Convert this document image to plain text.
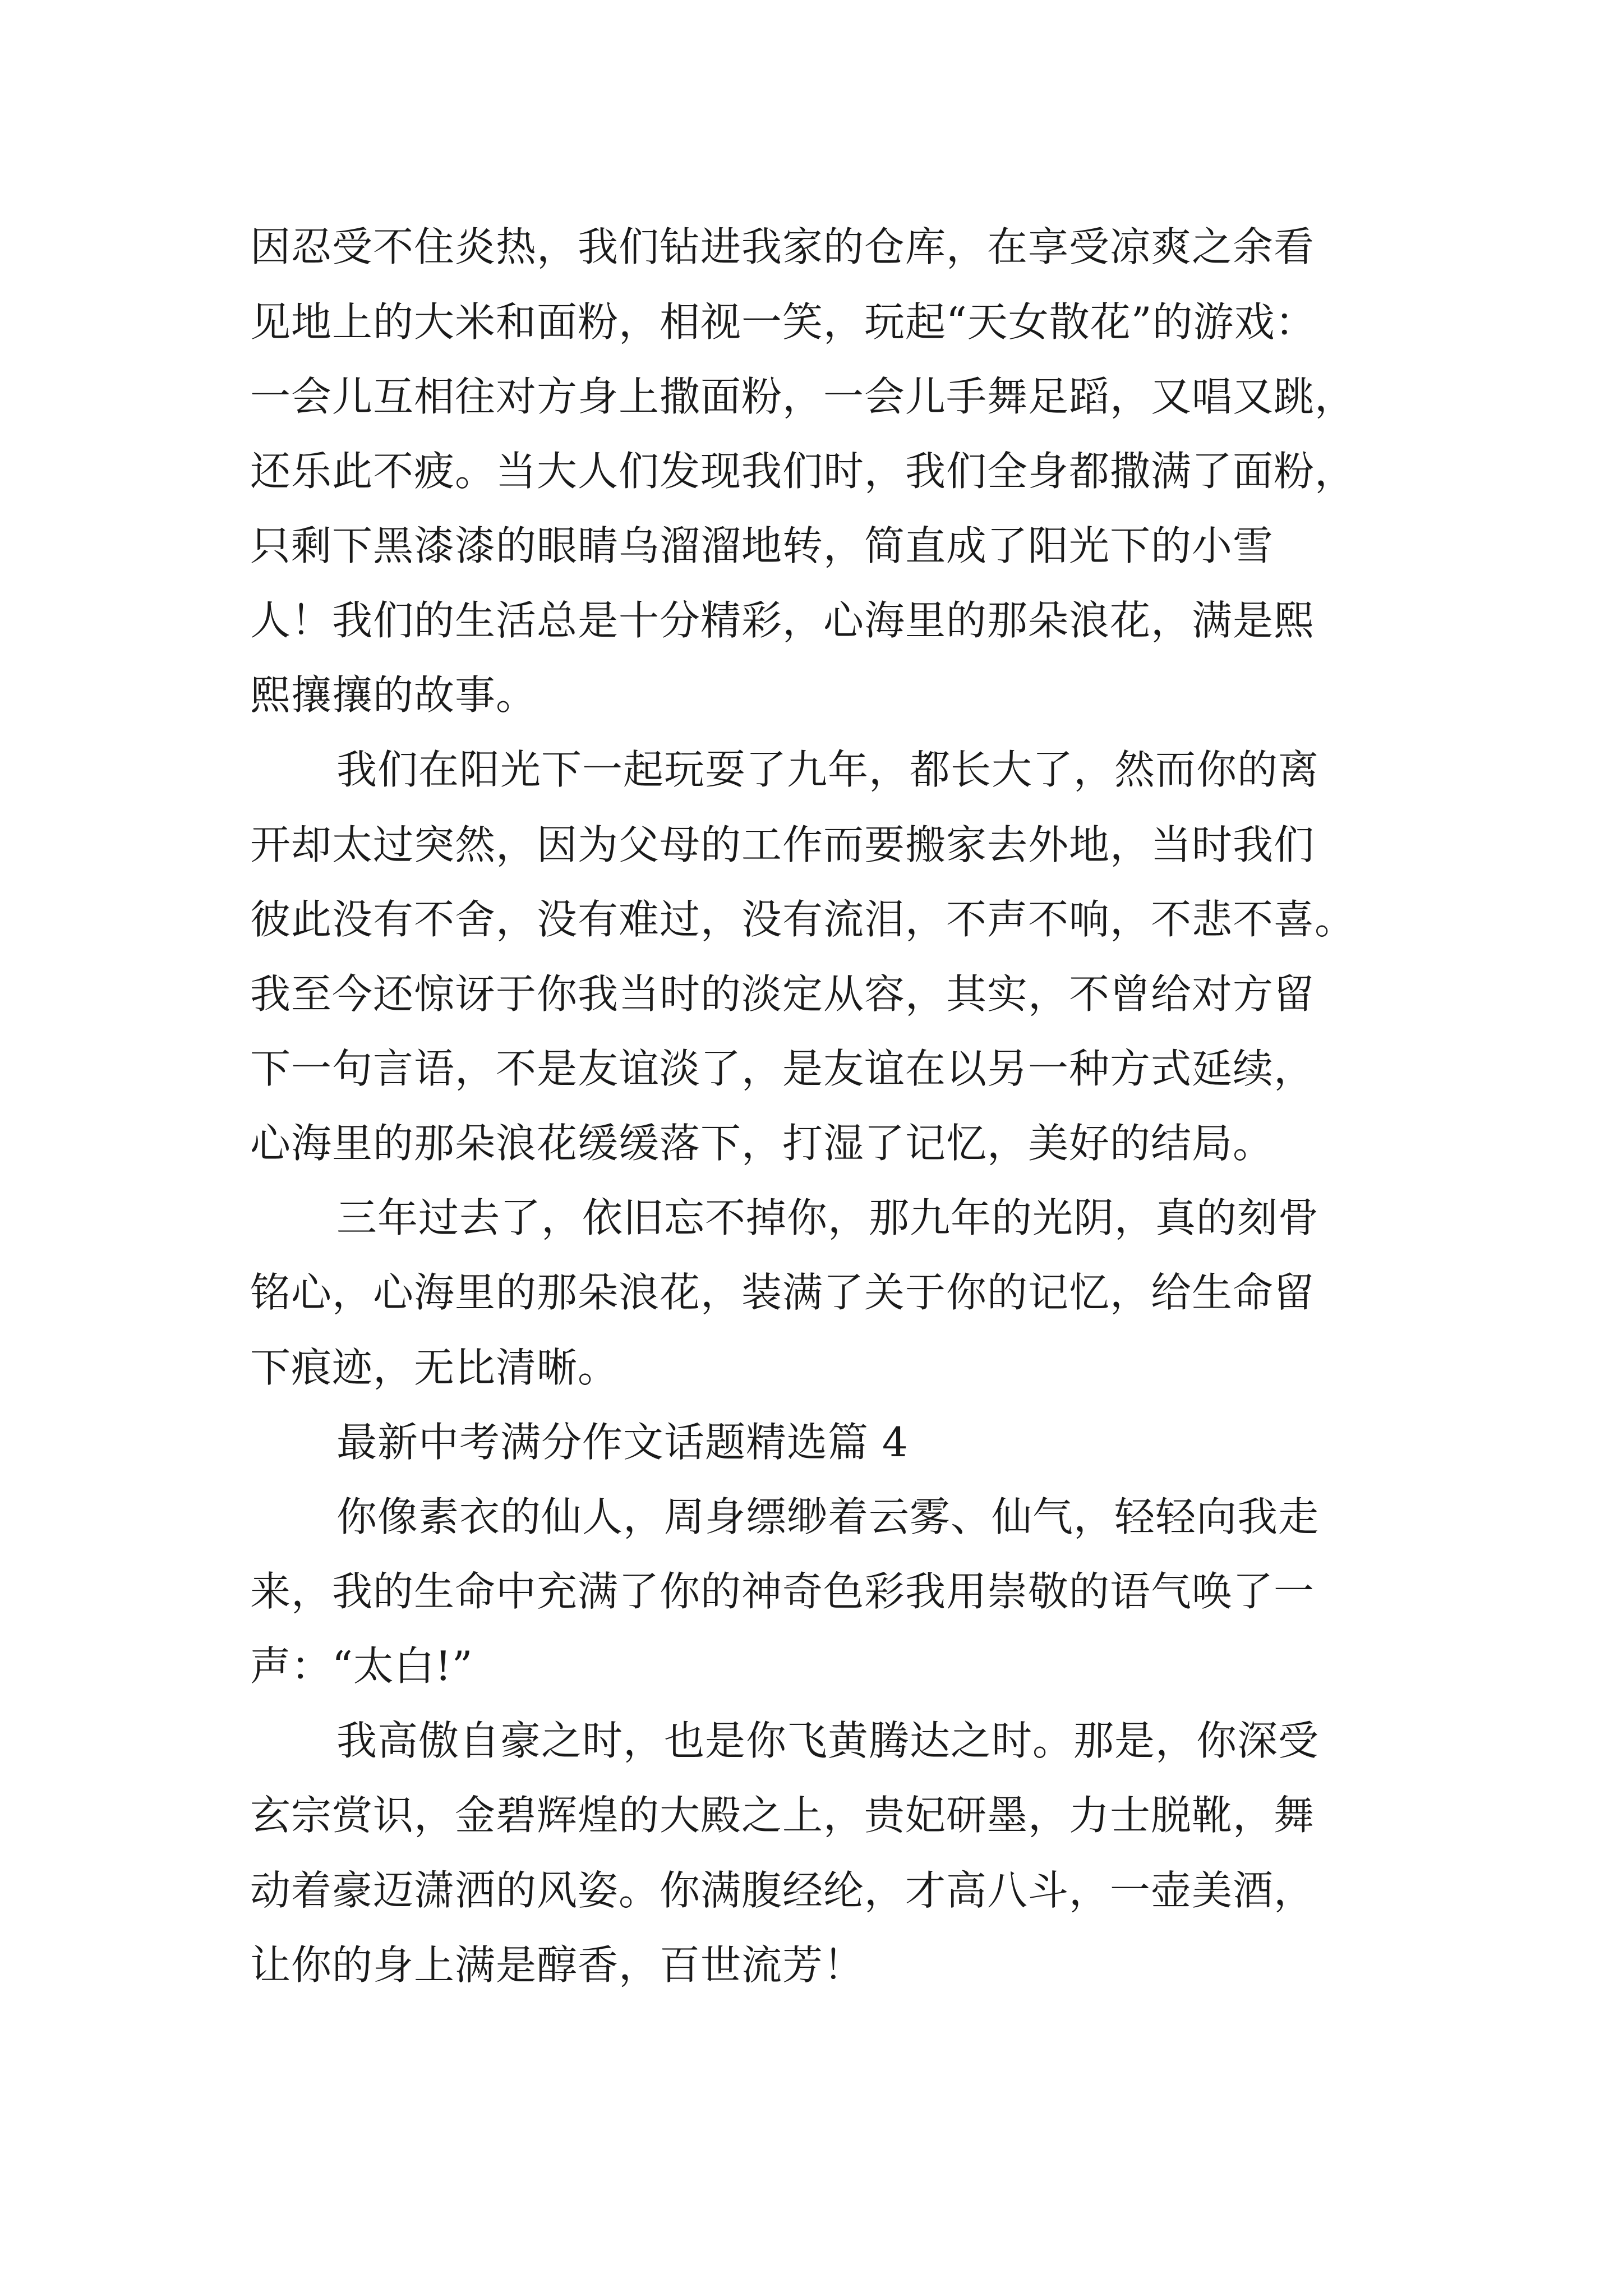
因忍受不住炎热，我们钻进我家的仓库，在享受凉爽之余看
见地上的大米和面粉，相视一笑，玩起“天女散花”的游戏：
一会儿互相往对方身上撒面粉，一会儿手舞足蹈，又唱又跳，
还乐此不疲。当大人们发现我们时，我们全身都撒满了面粉，
只剩下黑漆漆的眼睛乌溜溜地转，简直成了阳光下的小雪
人！我们的生活总是十分精彩，心海里的那朵浪花，满是熙
熙攘攘的故事。
我们在阳光下一起玩耍了九年，都长大了，然而你的离
开却太过突然，因为父母的工作而要搬家去外地，当时我们
彼此没有不舍，没有难过，没有流泪，不声不响，不悲不喜。
我至今还惊讶于你我当时的淡定从容，其实，不曾给对方留
下一句言语，不是友谊淡了，是友谊在以另一种方式延续，
心海里的那朵浪花缓缓落下，打湿了记忆，美好的结局。
三年过去了，依旧忘不掉你，那九年的光阴，真的刻骨
铭心，心海里的那朵浪花，装满了关于你的记忆，给生命留
下痕迹，无比清晰。
最新中考满分作文话题精选篇 4
你像素衣的仙人，周身缥缈着云雾、仙气，轻轻向我走
来，我的生命中充满了你的神奇色彩我用崇敬的语气唤了一
声：“太白!”
我高傲自豪之时，也是你飞黄腾达之时。那是，你深受
玄宗赏识，金碧辉煌的大殿之上，贵妃研墨，力士脱靴，舞
动着豪迈潇洒的风姿。你满腹经纶，才高八斗，一壶美酒，
让你的身上满是醇香，百世流芳！
